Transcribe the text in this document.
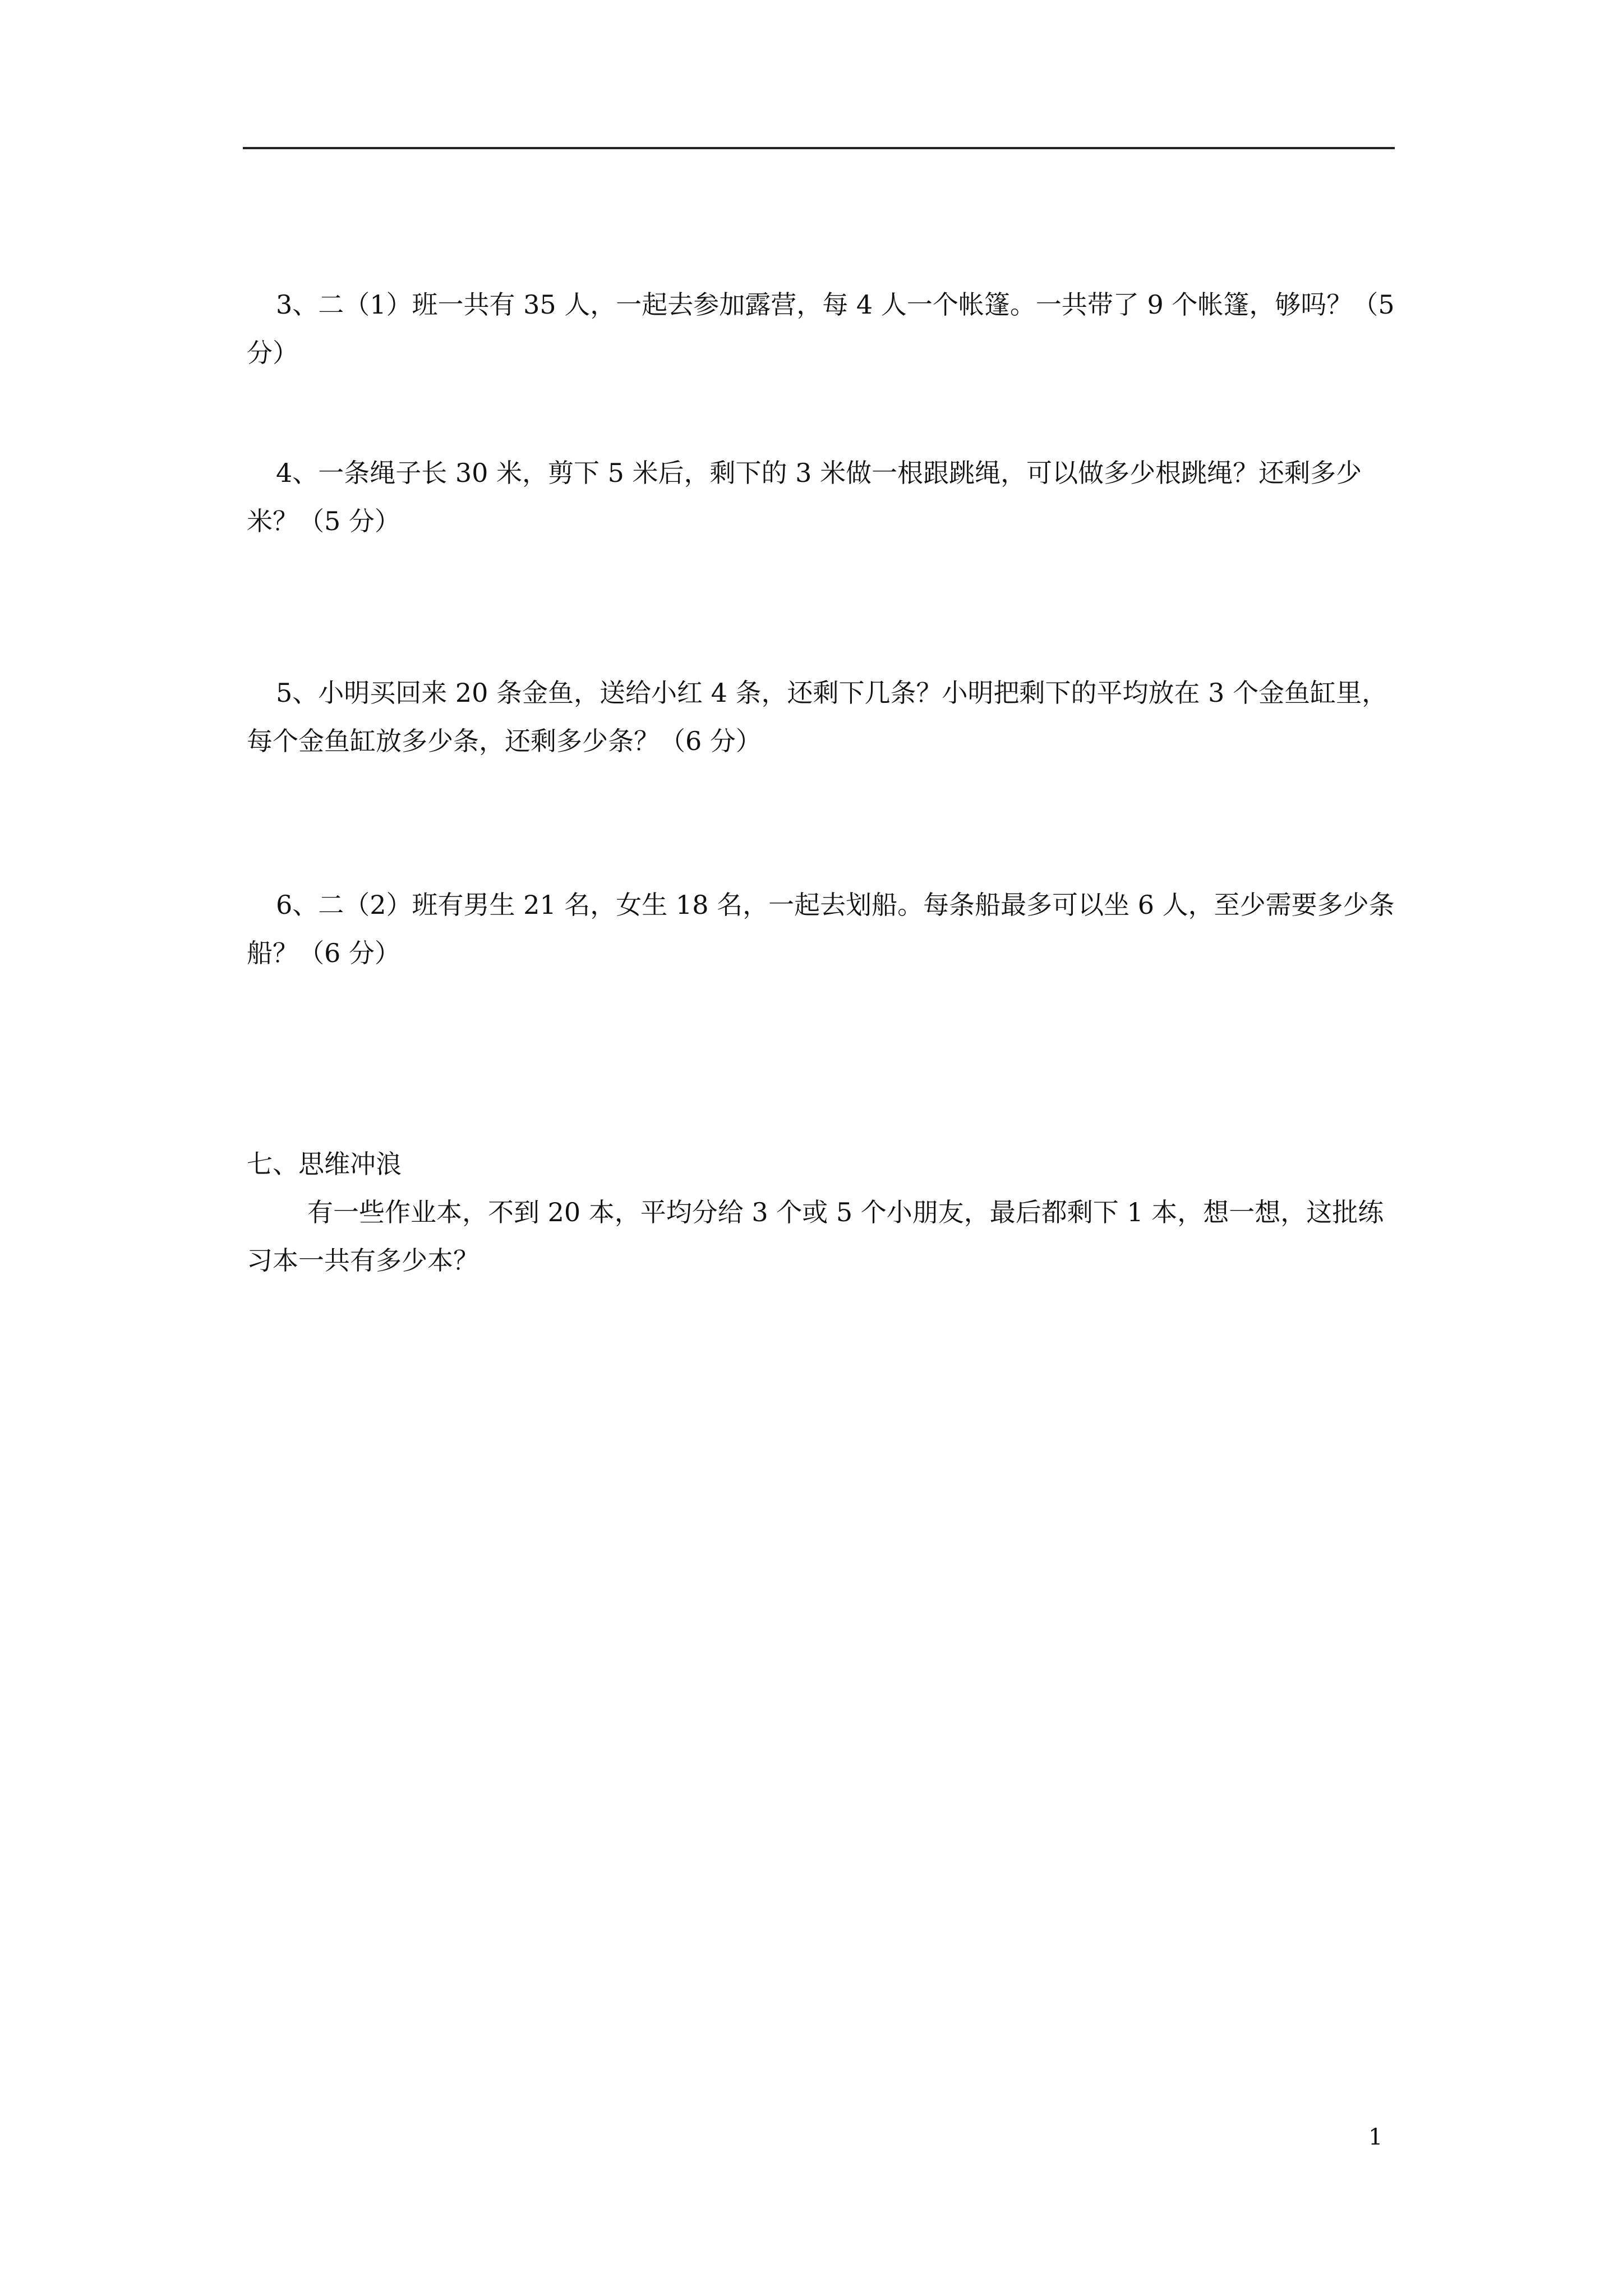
3、二（1）班一共有 35 人，一起去参加露营，每 4 人一个帐篷。一共带了 9 个帐篷，够吗？（5 分）

4、一条绳子长 30 米，剪下 5 米后，剩下的 3 米做一根跟跳绳，可以做多少根跳绳？还剩多少米？（5 分）

5、小明买回来 20 条金鱼，送给小红 4 条，还剩下几条？小明把剩下的平均放在 3 个金鱼缸里，每个金鱼缸放多少条，还剩多少条？（6 分）

6、二（2）班有男生 21 名，女生 18 名，一起去划船。每条船最多可以坐 6 人，至少需要多少条船？（6 分）

七、思维冲浪

有一些作业本，不到 20 本，平均分给 3 个或 5 个小朋友，最后都剩下 1 本，想一想，这批练习本一共有多少本？

1
